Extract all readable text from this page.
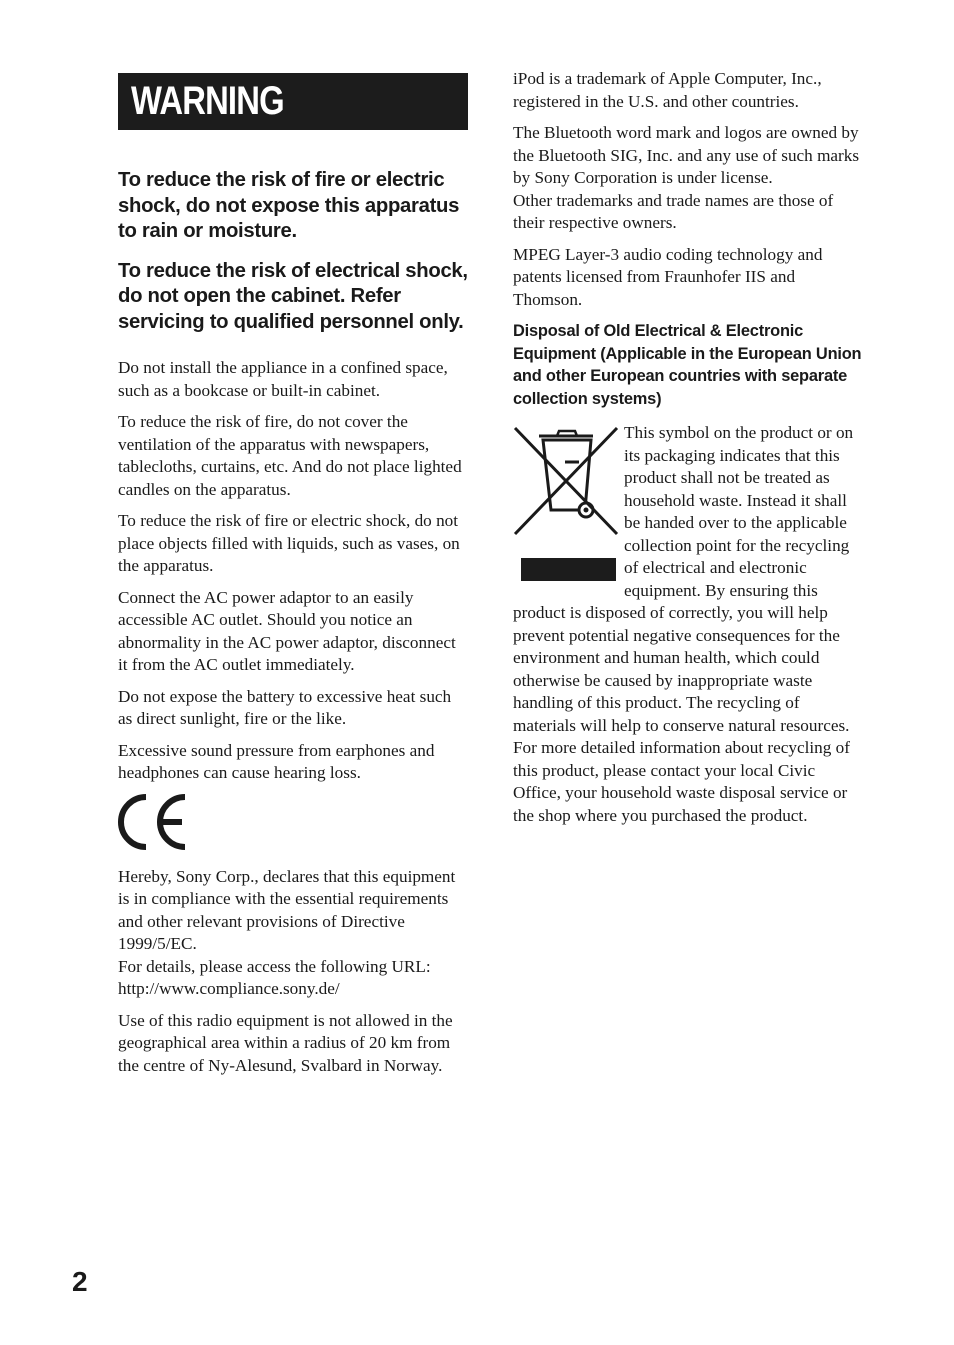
WARNING

To reduce the risk of fire or electric shock, do not expose this apparatus to rain or moisture.

To reduce the risk of electrical shock, do not open the cabinet. Refer servicing to qualified personnel only.

Do not install the appliance in a confined space, such as a bookcase or built-in cabinet.

To reduce the risk of fire, do not cover the ventilation of the apparatus with newspapers, tablecloths, curtains, etc. And do not place lighted candles on the apparatus.

To reduce the risk of fire or electric shock, do not place objects filled with liquids, such as vases, on the apparatus.

Connect the AC power adaptor to an easily accessible AC outlet. Should you notice an abnormality in the AC power adaptor, disconnect it from the AC outlet immediately.

Do not expose the battery to excessive heat such as direct sunlight, fire or the like.

Excessive sound pressure from earphones and headphones can cause hearing loss.

Hereby, Sony Corp., declares that this equipment is in compliance with the essential requirements and other relevant provisions of Directive 1999/5/EC.
For details, please access the following URL:
http://www.compliance.sony.de/

Use of this radio equipment is not allowed in the geographical area within a radius of 20 km from the centre of Ny-Alesund, Svalbard in Norway.

iPod is a trademark of Apple Computer, Inc., registered in the U.S. and other countries.

The Bluetooth word mark and logos are owned by the Bluetooth SIG, Inc. and any use of such marks by Sony Corporation is under license.
Other trademarks and trade names are those of their respective owners.

MPEG Layer-3 audio coding technology and patents licensed from Fraunhofer IIS and Thomson.

Disposal of Old Electrical & Electronic Equipment (Applicable in the European Union and other European countries with separate collection systems)

This symbol on the product or on its packaging indicates that this product shall not be treated as household waste. Instead it shall be handed over to the applicable collection point for the recycling of electrical and electronic equipment. By ensuring this product is disposed of correctly, you will help prevent potential negative consequences for the environment and human health, which could otherwise be caused by inappropriate waste handling of this product. The recycling of materials will help to conserve natural resources. For more detailed information about recycling of this product, please contact your local Civic Office, your household waste disposal service or the shop where you purchased the product.

2
